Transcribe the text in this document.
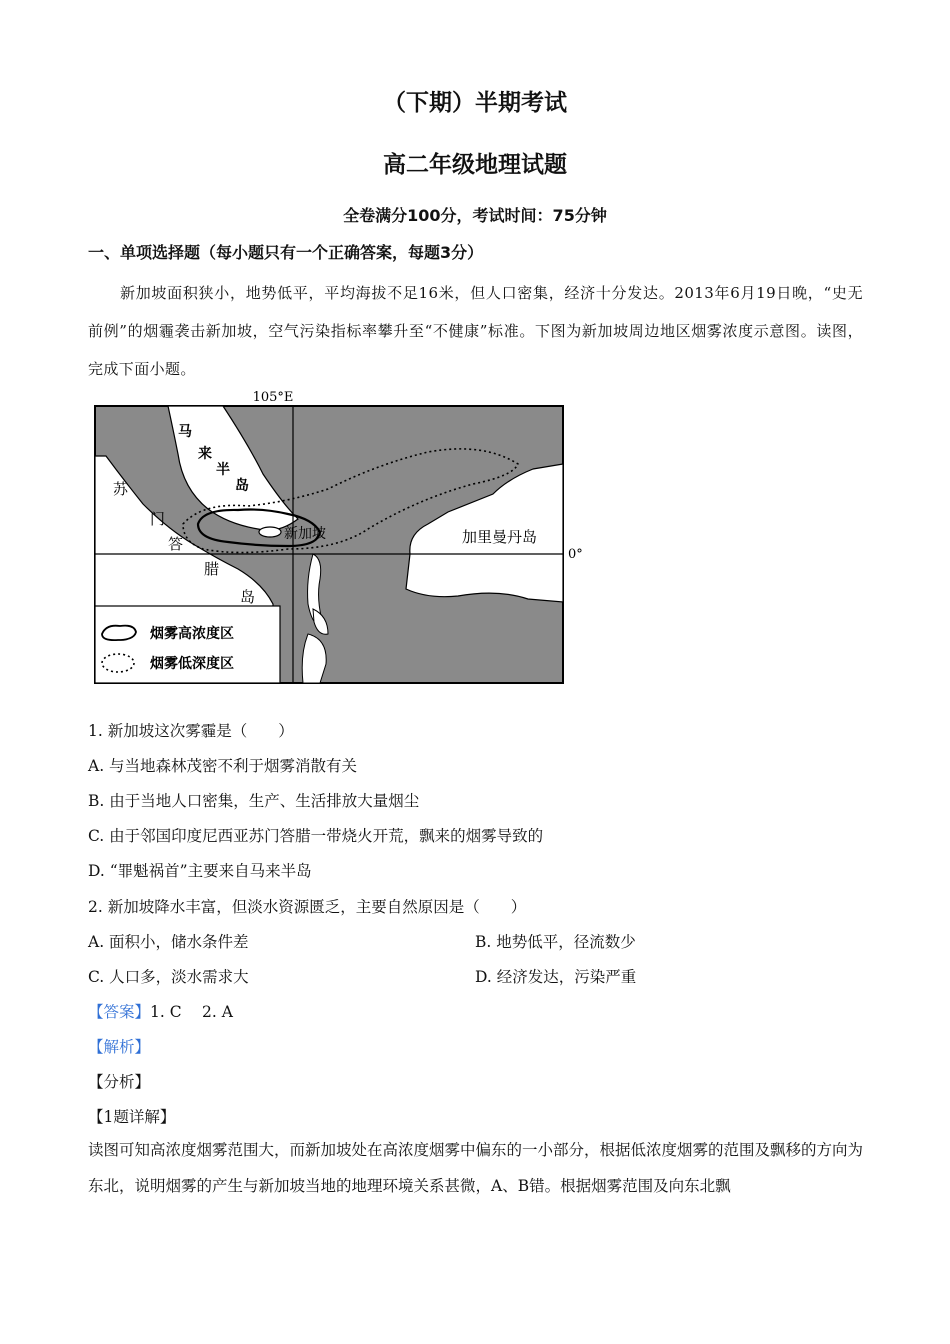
（下期）半期考试
高二年级地理试题
全卷满分100分，考试时间：75分钟
一、单项选择题（每小题只有一个正确答案，每题3分）
新加坡面积狭小，地势低平，平均海拔不足16米，但人口密集，经济十分发达。2013年6月19日晚，“史无前例”的烟霾袭击新加坡，空气污染指标率攀升至“不健康”标准。下图为新加坡周边地区烟雾浓度示意图。读图，完成下面小题。
105°E
0°
马
来
半
岛
苏
门
答
腊
岛
新加坡	加里曼丹岛
烟雾高浓度区
烟雾低深度区
1. 新加坡这次雾霾是（　　）
A. 与当地森林茂密不利于烟雾消散有关
B. 由于当地人口密集，生产、生活排放大量烟尘
C. 由于邻国印度尼西亚苏门答腊一带烧火开荒，飘来的烟雾导致的
D. “罪魁祸首”主要来自马来半岛
2. 新加坡降水丰富，但淡水资源匮乏，主要自然原因是（　　）
A. 面积小，储水条件差	B. 地势低平，径流数少
C. 人口多，淡水需求大	D. 经济发达，污染严重
【答案】1. C　 2. A
【解析】
【分析】
【1题详解】
读图可知高浓度烟雾范围大，而新加坡处在高浓度烟雾中偏东的一小部分，根据低浓度烟雾的范围及飘移的方向为东北，说明烟雾的产生与新加坡当地的地理环境关系甚微，A、B错。根据烟雾范围及向东北飘
